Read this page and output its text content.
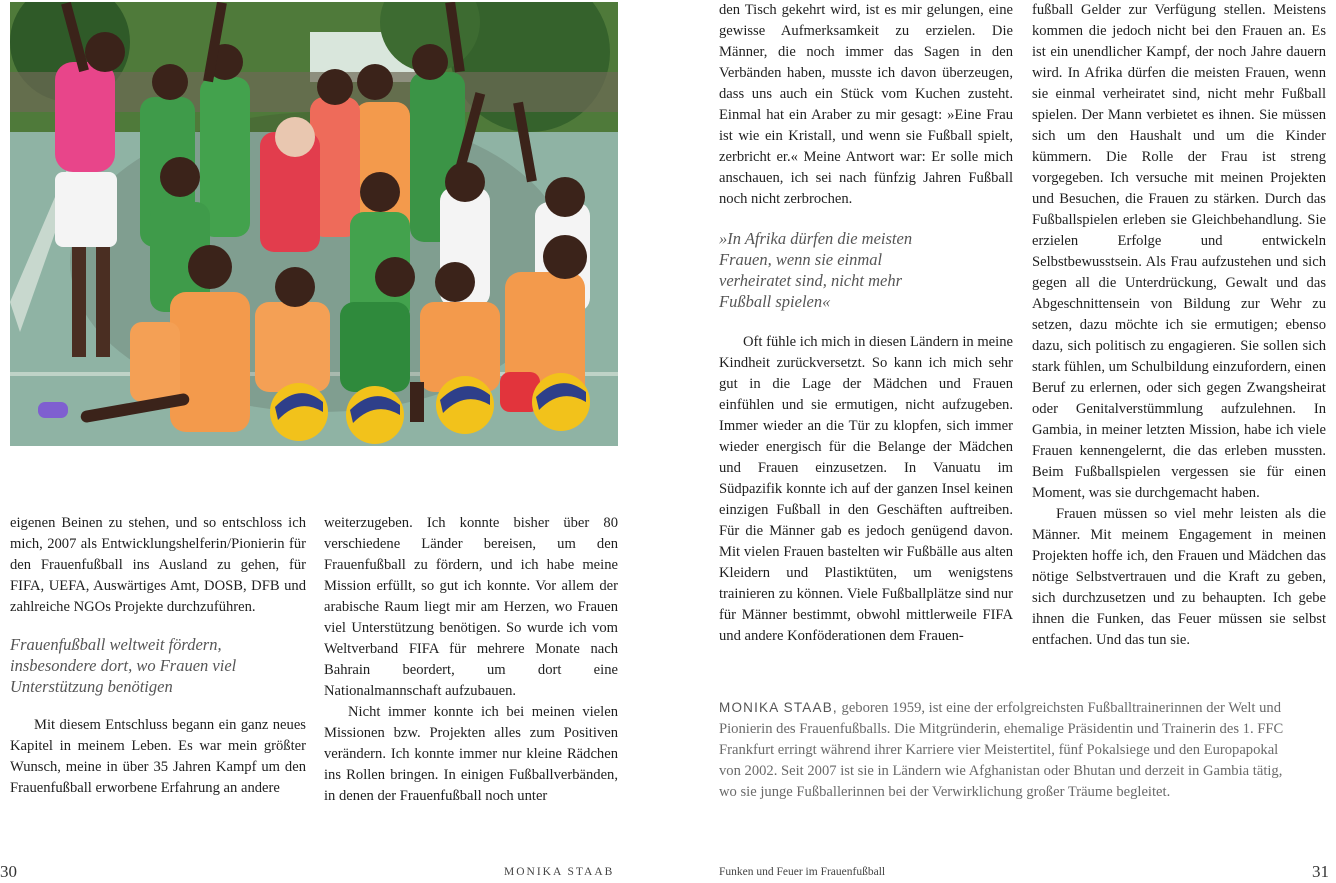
eigenen Beinen zu stehen, und so entschloss ich mich, 2007 als Entwicklungshelferin/Pionierin für den Frauenfußball ins Ausland zu gehen, für FIFA, UEFA, Auswärtiges Amt, DOSB, DFB und zahlreiche NGOs Projekte durchzuführen.

Frauenfußball weltweit fördern,
insbesondere dort, wo Frauen viel
Unterstützung benötigen

Mit diesem Entschluss begann ein ganz neues Kapitel in meinem Leben. Es war mein größter Wunsch, meine in über 35 Jahren Kampf um den Frauenfußball erworbene Erfahrung an andere

weiterzugeben. Ich konnte bisher über 80 verschiedene Länder bereisen, um den Frauenfußball zu fördern, und ich habe meine Mission erfüllt, so gut ich konnte. Vor allem der arabische Raum liegt mir am Herzen, wo Frauen viel Unterstützung benötigen. So wurde ich vom Weltverband FIFA für mehrere Monate nach Bahrain beordert, um dort eine Nationalmannschaft aufzubauen.

Nicht immer konnte ich bei meinen vielen Missionen bzw. Projekten alles zum Positiven verändern. Ich konnte immer nur kleine Rädchen ins Rollen bringen. In einigen Fußballverbänden, in denen der Frauenfußball noch unter

30	MONIKA STAAB

den Tisch gekehrt wird, ist es mir gelungen, eine gewisse Aufmerksamkeit zu erzielen. Die Männer, die noch immer das Sagen in den Verbänden haben, musste ich davon überzeugen, dass uns auch ein Stück vom Kuchen zusteht. Einmal hat ein Araber zu mir gesagt: »Eine Frau ist wie ein Kristall, und wenn sie Fußball spielt, zerbricht er.« Meine Antwort war: Er solle mich anschauen, ich sei nach fünfzig Jahren Fußball noch nicht zerbrochen.

»In Afrika dürfen die meisten
Frauen, wenn sie einmal
verheiratet sind, nicht mehr
Fußball spielen«

Oft fühle ich mich in diesen Ländern in meine Kindheit zurückversetzt. So kann ich mich sehr gut in die Lage der Mädchen und Frauen einfühlen und sie ermutigen, nicht aufzugeben. Immer wieder an die Tür zu klopfen, sich immer wieder energisch für die Belange der Mädchen und Frauen einzusetzen. In Vanuatu im Südpazifik konnte ich auf der ganzen Insel keinen einzigen Fußball in den Geschäften auftreiben. Für die Männer gab es jedoch genügend davon. Mit vielen Frauen bastelten wir Fußbälle aus alten Kleidern und Plastiktüten, um wenigstens trainieren zu können. Viele Fußballplätze sind nur für Männer bestimmt, obwohl mittlerweile FIFA und andere Konföderationen dem Frauen-

fußball Gelder zur Verfügung stellen. Meistens kommen die jedoch nicht bei den Frauen an. Es ist ein unendlicher Kampf, der noch Jahre dauern wird. In Afrika dürfen die meisten Frauen, wenn sie einmal verheiratet sind, nicht mehr Fußball spielen. Der Mann verbietet es ihnen. Sie müssen sich um den Haushalt und um die Kinder kümmern. Die Rolle der Frau ist streng vorgegeben. Ich versuche mit meinen Projekten und Besuchen, die Frauen zu stärken. Durch das Fußballspielen erleben sie Gleichbehandlung. Sie erzielen Erfolge und entwickeln Selbstbewusstsein. Als Frau aufzustehen und sich gegen all die Unterdrückung, Gewalt und das Abgeschnittensein von Bildung zur Wehr zu setzen, dazu möchte ich sie ermutigen; ebenso dazu, sich politisch zu engagieren. Sie sollen sich stark fühlen, um Schulbildung einzufordern, einen Beruf zu erlernen, oder sich gegen Zwangsheirat oder Genitalverstümmlung aufzulehnen. In Gambia, in meiner letzten Mission, habe ich viele Frauen kennengelernt, die das erleben mussten. Beim Fußballspielen vergessen sie für einen Moment, was sie durchgemacht haben.

Frauen müssen so viel mehr leisten als die Männer. Mit meinem Engagement in meinen Projekten hoffe ich, den Frauen und Mädchen das nötige Selbstvertrauen und die Kraft zu geben, sich durchzusetzen und zu behaupten. Ich gebe ihnen die Funken, das Feuer müssen sie selbst entfachen. Und das tun sie.

MONIKA STAAB, geboren 1959, ist eine der erfolgreichsten Fußballtrainerinnen der Welt und Pionierin des Frauenfußballs. Die Mitgründerin, ehemalige Präsidentin und Trainerin des 1. FFC Frankfurt erringt während ihrer Karriere vier Meistertitel, fünf Pokalsiege und den Europapokal von 2002. Seit 2007 ist sie in Ländern wie Afghanistan oder Bhutan und derzeit in Gambia tätig, wo sie junge Fußballerinnen bei der Verwirklichung großer Träume begleitet.
Funken und Feuer im Frauenfußball	31
